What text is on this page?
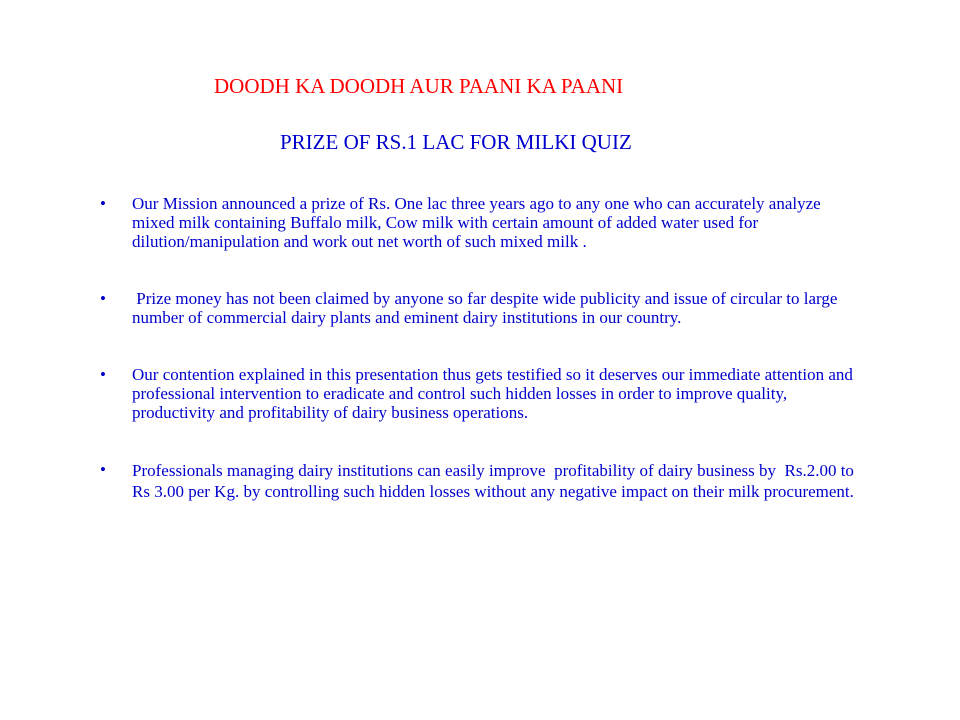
DOODH KA DOODH AUR PAANI KA PAANI
PRIZE OF RS.1 LAC FOR MILKI QUIZ
• Our Mission announced a prize of Rs. One lac three years ago to any one who can accurately analyze mixed milk containing Buffalo milk, Cow milk with certain amount of added water used for dilution/manipulation and work out net worth of such mixed milk .
• Prize money has not been claimed by anyone so far despite wide publicity and issue of circular to large number of commercial dairy plants and eminent dairy institutions in our country.
• Our contention explained in this presentation thus gets testified so it deserves our immediate attention and professional intervention to eradicate and control such hidden losses in order to improve quality, productivity and profitability of dairy business operations.
• Professionals managing dairy institutions can easily improve  profitability of dairy business by  Rs.2.00 to Rs 3.00 per Kg. by controlling such hidden losses without any negative impact on their milk procurement.
